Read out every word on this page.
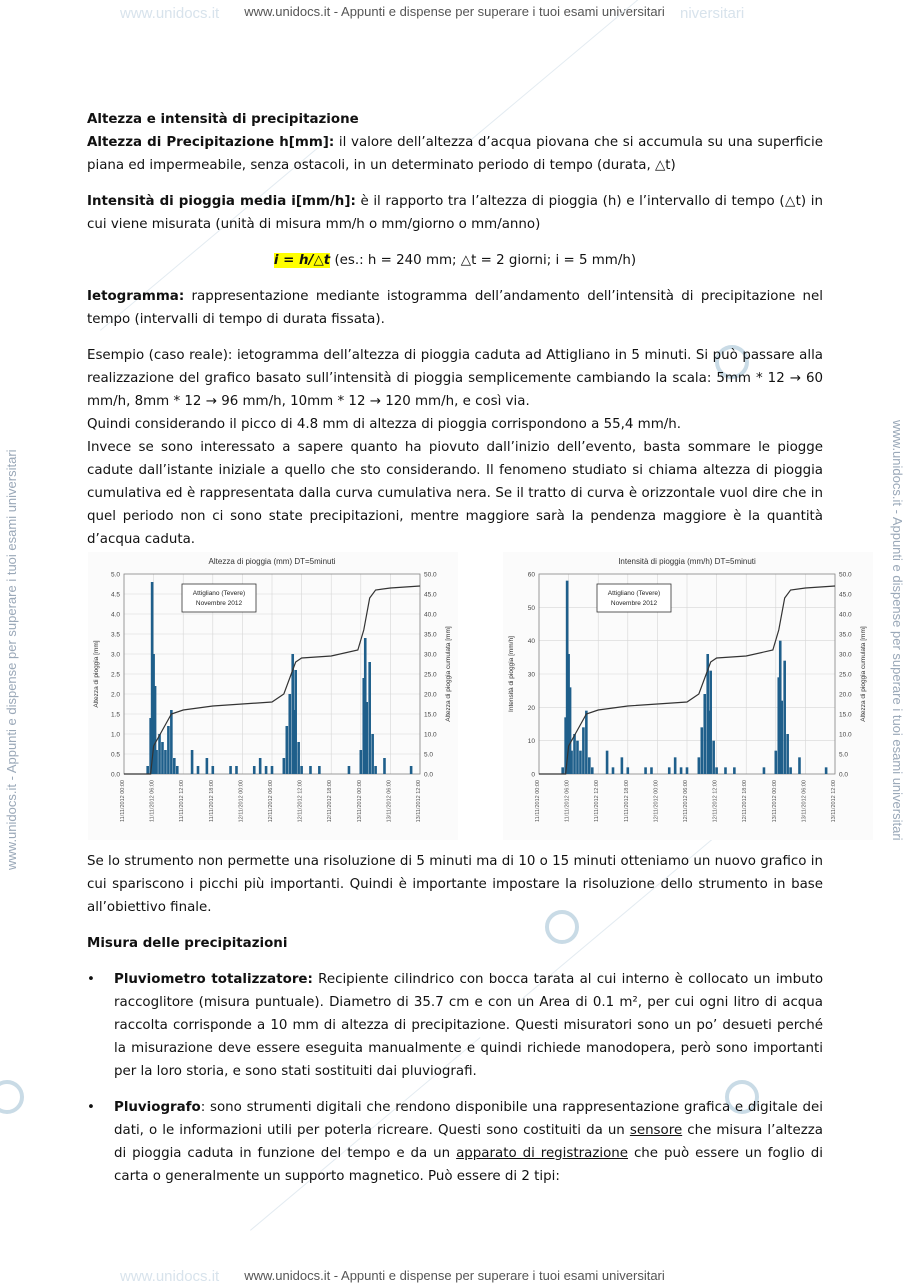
www.unidocs.it	niversitari
www.unidocs.it - Appunti e dispense per superare i tuoi esami universitari
www.unidocs.it	www.unidocs.it - Appunti e dispense per superare i tuoi esami universitari
www.unidocs.it - Appunti e dispense per superare i tuoi esami universitari	www.unidocs.it - Appunti e dispense per superare i tuoi esami universitari

Altezza e intensità di precipitazione

Altezza di Precipitazione h[mm]: il valore dell’altezza d’acqua piovana che si accumula su una superficie piana ed impermeabile, senza ostacoli, in un determinato periodo di tempo (durata, △t)

Intensità di pioggia media i[mm/h]: è il rapporto tra l’altezza di pioggia (h) e l’intervallo di tempo (△t) in cui viene misurata (unità di misura mm/h o mm/giorno o mm/anno)

i = h/△t (es.: h = 240 mm; △t = 2 giorni; i = 5 mm/h)

Ietogramma: rappresentazione mediante istogramma dell’andamento dell’intensità di precipitazione nel tempo (intervalli di tempo di durata fissata).

Esempio (caso reale): ietogramma dell’altezza di pioggia caduta ad Attigliano in 5 minuti. Si può passare alla realizzazione del grafico basato sull’intensità di pioggia semplicemente cambiando la scala: 5mm * 12 → 60 mm/h, 8mm * 12 → 96 mm/h, 10mm * 12 → 120 mm/h, e così via.

Quindi considerando il picco di 4.8 mm di altezza di pioggia corrispondono a 55,4 mm/h.

Invece se sono interessato a sapere quanto ha piovuto dall’inizio dell’evento, basta sommare le piogge cadute dall’istante iniziale a quello che sto considerando. Il fenomeno studiato si chiama altezza di pioggia cumulativa ed è rappresentata dalla curva cumulativa nera. Se il tratto di curva è orizzontale vuol dire che in quel periodo non ci sono state precipitazioni, mentre maggiore sarà la pendenza maggiore è la quantità d’acqua caduta.

Se lo strumento non permette una risoluzione di 5 minuti ma di 10 o 15 minuti otteniamo un nuovo grafico in cui spariscono i picchi più importanti. Quindi è importante impostare la risoluzione dello strumento in base all’obiettivo finale.

Misura delle precipitazioni

• Pluviometro totalizzatore: Recipiente cilindrico con bocca tarata al cui interno è collocato un imbuto raccoglitore (misura puntuale). Diametro di 35.7 cm e con un Area di 0.1 m², per cui ogni litro di acqua raccolta corrisponde a 10 mm di altezza di precipitazione. Questi misuratori sono un po’ desueti perché la misurazione deve essere eseguita manualmente e quindi richiede manodopera, però sono importanti per la loro storia, e sono stati sostituiti dai pluviografi.
• Pluviografo: sono strumenti digitali che rendono disponibile una rappresentazione grafica e digitale dei dati, o le informazioni utili per poterla ricreare. Questi sono costituiti da un sensore che misura l’altezza di pioggia caduta in funzione del tempo e da un apparato di registrazione che può essere un foglio di carta o generalmente un supporto magnetico. Può essere di 2 tipi:
Altezza di pioggia (mm) DT=5minuti
0.0
0.5
1.0
1.5
2.0
2.5
3.0
3.5
4.0
4.5
5.0
0.0
5.0
10.0
15.0
20.0
25.0
30.0
35.0
40.0
45.0
50.0
11/11/2012 00:00	11/11/2012 06:00	11/11/2012 12:00	11/11/2012 18:00	12/11/2012 00:00	12/11/2012 06:00	12/11/2012 12:00	12/11/2012 18:00	13/11/2012 00:00	13/11/2012 06:00	13/11/2012 12:00
Altezza di pioggia [mm]	Altezza di pioggia cumulata [mm]
Attigliano (Tevere)
Novembre 2012
Intensità di pioggia (mm/h) DT=5minuti
0
10
20
30
40
50
60
0.0
5.0
10.0
15.0
20.0
25.0
30.0
35.0
40.0
45.0
50.0
11/11/2012 00:00	11/11/2012 06:00	11/11/2012 12:00	11/11/2012 18:00	12/11/2012 00:00	12/11/2012 06:00	12/11/2012 12:00	12/11/2012 18:00	13/11/2012 00:00	13/11/2012 06:00	13/11/2012 12:00
Intensità di pioggia [mm/h]	Altezza di pioggia cumulata [mm]
Attigliano (Tevere)
Novembre 2012
